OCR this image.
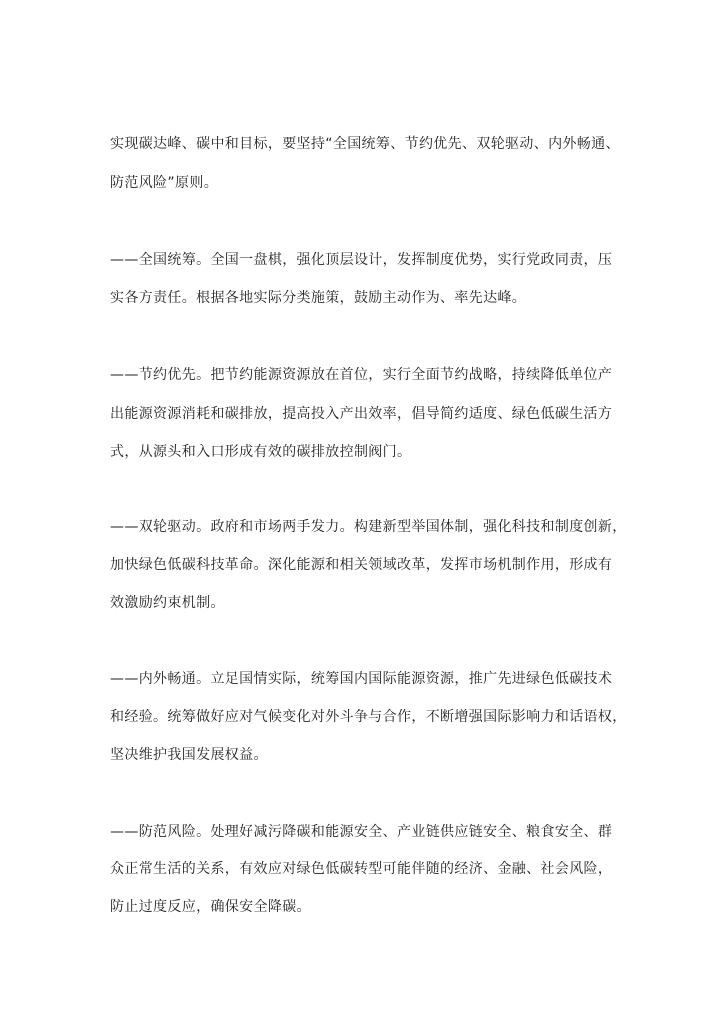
实现碳达峰、碳中和目标，要坚持“全国统筹、节约优先、双轮驱动、内外畅通、
防范风险”原则。
——全国统筹。全国一盘棋，强化顶层设计，发挥制度优势，实行党政同责，压
实各方责任。根据各地实际分类施策，鼓励主动作为、率先达峰。
——节约优先。把节约能源资源放在首位，实行全面节约战略，持续降低单位产
出能源资源消耗和碳排放，提高投入产出效率，倡导简约适度、绿色低碳生活方
式，从源头和入口形成有效的碳排放控制阀门。
——双轮驱动。政府和市场两手发力。构建新型举国体制，强化科技和制度创新，
加快绿色低碳科技革命。深化能源和相关领域改革，发挥市场机制作用，形成有
效激励约束机制。
——内外畅通。立足国情实际，统筹国内国际能源资源，推广先进绿色低碳技术
和经验。统筹做好应对气候变化对外斗争与合作，不断增强国际影响力和话语权，
坚决维护我国发展权益。
——防范风险。处理好减污降碳和能源安全、产业链供应链安全、粮食安全、群
众正常生活的关系，有效应对绿色低碳转型可能伴随的经济、金融、社会风险，
防止过度反应，确保安全降碳。
